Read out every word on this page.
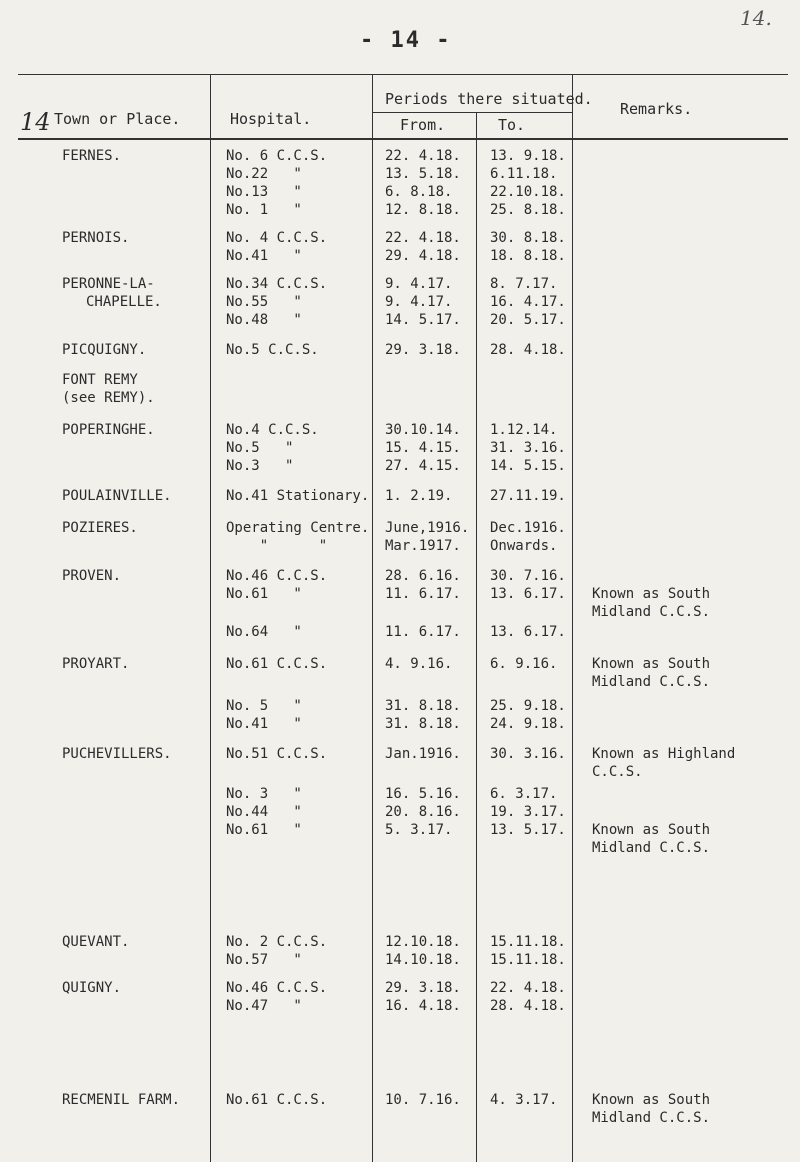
- 14 -
14.
14 Town or Place.	Hospital.
Periods there situated.
From.	To.
Remarks.
FERNES.	No. 6 C.C.S.	22. 4.18. 13. 9.18.
No.22   "	13. 5.18. 6.11.18.
No.13   "	6. 8.18.	22.10.18.
No. 1   "	12. 8.18. 25. 8.18.
PERNOIS.	No. 4 C.C.S.	22. 4.18. 30. 8.18.
No.41   "	29. 4.18. 18. 8.18.
PERONNE-LA-	No.34 C.C.S.	9. 4.17.	8. 7.17.
CHAPELLE.	No.55   "	9. 4.17.	16. 4.17.
No.48   "	14. 5.17. 20. 5.17.
PICQUIGNY.	No.5 C.C.S.	29. 3.18. 28. 4.18.
FONT REMY
(see REMY).
POPERINGHE.	No.4 C.C.S.	30.10.14. 1.12.14.
No.5   "	15. 4.15. 31. 3.16.
No.3   "	27. 4.15. 14. 5.15.
POULAINVILLE.	No.41 Stationary. 1. 2.19.	27.11.19.
POZIERES.	Operating Centre. June,1916. Dec.1916.
"      "	Mar.1917. Onwards.
PROVEN.	No.46 C.C.S.	28. 6.16. 30. 7.16.
No.61   "	11. 6.17. 13. 6.17. Known as South
Midland C.C.S.
No.64   "	11. 6.17. 13. 6.17.
PROYART.	No.61 C.C.S.	4. 9.16.	6. 9.16. Known as South
Midland C.C.S.
No. 5   "	31. 8.18. 25. 9.18.
No.41   "	31. 8.18. 24. 9.18.
PUCHEVILLERS.	No.51 C.C.S.	Jan.1916. 30. 3.16. Known as Highland
C.C.S.
No. 3   "	16. 5.16. 6. 3.17.
No.44   "	20. 8.16. 19. 3.17.
No.61   "	5. 3.17.	13. 5.17. Known as South
Midland C.C.S.
QUEVANT.	No. 2 C.C.S.	12.10.18. 15.11.18.
No.57   "	14.10.18. 15.11.18.
QUIGNY.	No.46 C.C.S.	29. 3.18. 22. 4.18.
No.47   "	16. 4.18. 28. 4.18.
RECMENIL FARM.	No.61 C.C.S.	10. 7.16. 4. 3.17. Known as South
Midland C.C.S.
